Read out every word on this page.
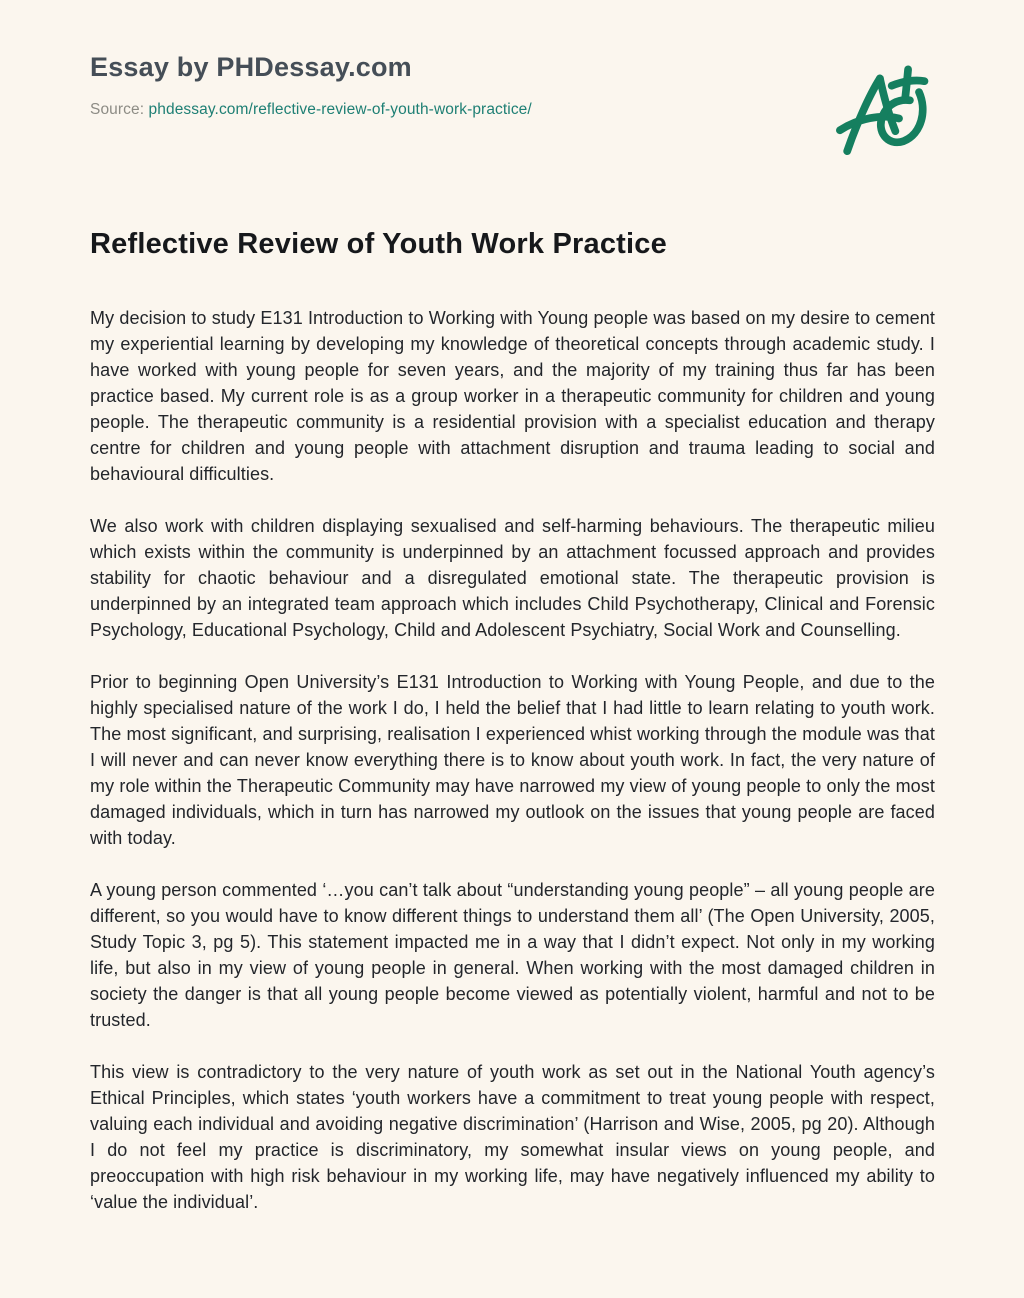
Essay by PHDessay.com
Source: phdessay.com/reflective-review-of-youth-work-practice/
Reflective Review of Youth Work Practice

My decision to study E131 Introduction to Working with Young people was based on my desire to cement my experiential learning by developing my knowledge of theoretical concepts through academic study. I have worked with young people for seven years, and the majority of my training thus far has been practice based. My current role is as a group worker in a therapeutic community for children and young people. The therapeutic community is a residential provision with a specialist education and therapy centre for children and young people with attachment disruption and trauma leading to social and behavioural difficulties.

We also work with children displaying sexualised and self-harming behaviours. The therapeutic milieu which exists within the community is underpinned by an attachment focussed approach and provides stability for chaotic behaviour and a disregulated emotional state. The therapeutic provision is underpinned by an integrated team approach which includes Child Psychotherapy, Clinical and Forensic Psychology, Educational Psychology, Child and Adolescent Psychiatry, Social Work and Counselling.

Prior to beginning Open University’s E131 Introduction to Working with Young People, and due to the highly specialised nature of the work I do, I held the belief that I had little to learn relating to youth work. The most significant, and surprising, realisation I experienced whist working through the module was that I will never and can never know everything there is to know about youth work. In fact, the very nature of my role within the Therapeutic Community may have narrowed my view of young people to only the most damaged individuals, which in turn has narrowed my outlook on the issues that young people are faced with today.

A young person commented ‘…you can’t talk about “understanding young people” – all young people are different, so you would have to know different things to understand them all’ (The Open University, 2005, Study Topic 3, pg 5). This statement impacted me in a way that I didn’t expect. Not only in my working life, but also in my view of young people in general. When working with the most damaged children in society the danger is that all young people become viewed as potentially violent, harmful and not to be trusted.

This view is contradictory to the very nature of youth work as set out in the National Youth agency’s Ethical Principles, which states ‘youth workers have a commitment to treat young people with respect, valuing each individual and avoiding negative discrimination’ (Harrison and Wise, 2005, pg 20). Although I do not feel my practice is discriminatory, my somewhat insular views on young people, and preoccupation with high risk behaviour in my working life, may have negatively influenced my ability to ‘value the individual’.
